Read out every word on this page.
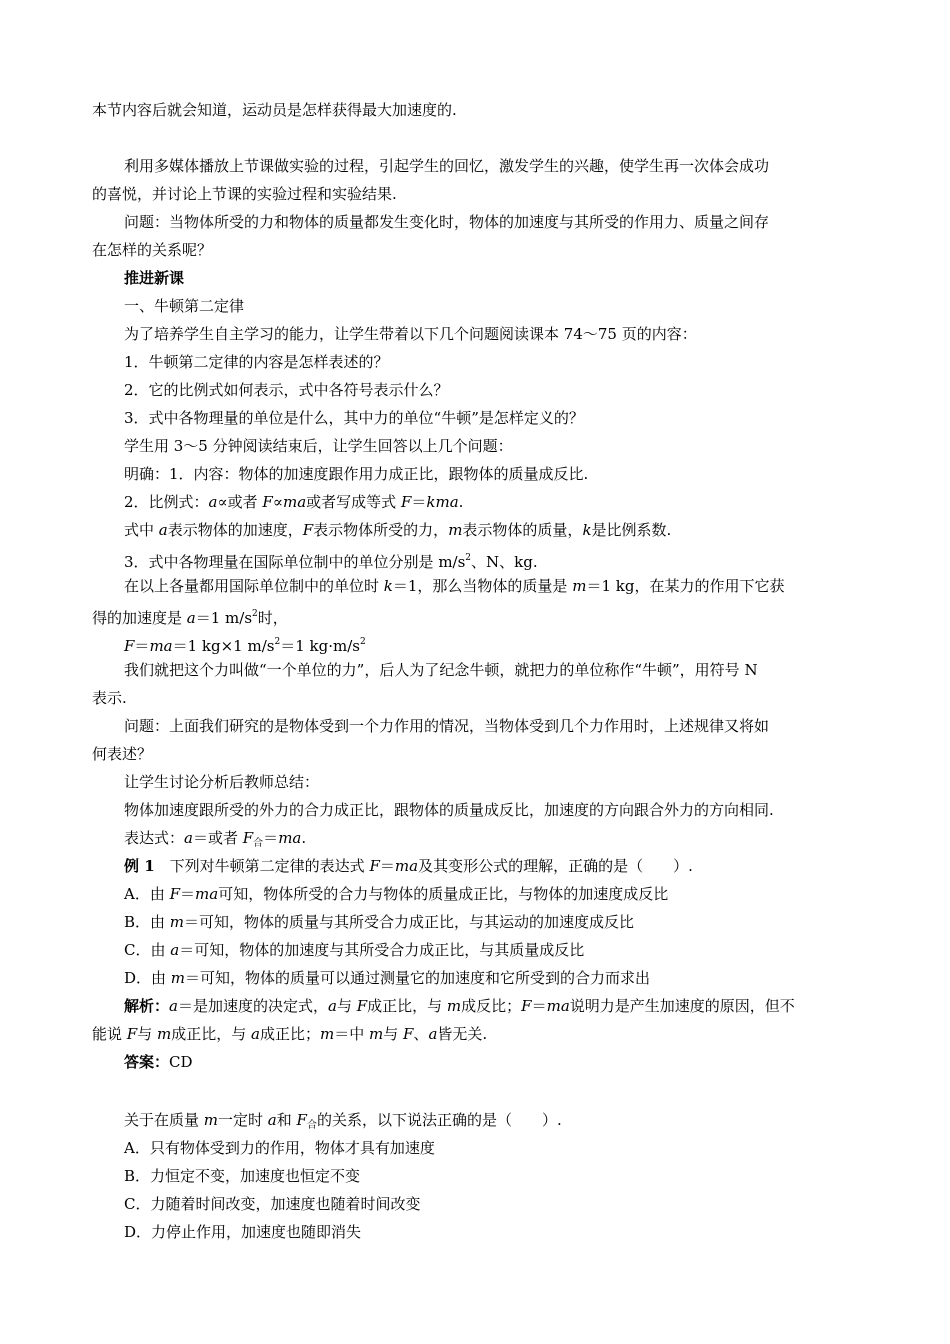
本节内容后就会知道，运动员是怎样获得最大加速度的.
利用多媒体播放上节课做实验的过程，引起学生的回忆，激发学生的兴趣，使学生再一次体会成功
的喜悦，并讨论上节课的实验过程和实验结果.
问题：当物体所受的力和物体的质量都发生变化时，物体的加速度与其所受的作用力、质量之间存
在怎样的关系呢？
推进新课
一、牛顿第二定律
为了培养学生自主学习的能力，让学生带着以下几个问题阅读课本 74～75 页的内容：
1．牛顿第二定律的内容是怎样表述的？
2．它的比例式如何表示，式中各符号表示什么？
3．式中各物理量的单位是什么，其中力的单位“牛顿”是怎样定义的？
学生用 3～5 分钟阅读结束后，让学生回答以上几个问题：
明确：1．内容：物体的加速度跟作用力成正比，跟物体的质量成反比.
2．比例式：a∝或者 F∝ma或者写成等式 F＝kma.
式中 a表示物体的加速度，F表示物体所受的力，m表示物体的质量，k是比例系数.
3．式中各物理量在国际单位制中的单位分别是 $m/s^2$、N、kg.
在以上各量都用国际单位制中的单位时 k＝1，那么当物体的质量是 m＝1 kg，在某力的作用下它获
得的加速度是 a＝1 $m/s^2$时，
F＝ma＝1 kg×1 $m/s^2=1$ $kg\cdot m/s^2$
我们就把这个力叫做“一个单位的力”，后人为了纪念牛顿，就把力的单位称作“牛顿”，用符号 N
表示.
问题：上面我们研究的是物体受到一个力作用的情况，当物体受到几个力作用时，上述规律又将如
何表述？
让学生讨论分析后教师总结：
物体加速度跟所受的外力的合力成正比，跟物体的质量成反比，加速度的方向跟合外力的方向相同.
表达式：a＝或者 $F_合=ma$.
例 1　下列对牛顿第二定律的表达式 F＝ma及其变形公式的理解，正确的是（　　）.
A．由 F＝ma可知，物体所受的合力与物体的质量成正比，与物体的加速度成反比
B．由 m＝可知，物体的质量与其所受合力成正比，与其运动的加速度成反比
C．由 a＝可知，物体的加速度与其所受合力成正比，与其质量成反比
D．由 m＝可知，物体的质量可以通过测量它的加速度和它所受到的合力而求出
解析：a＝是加速度的决定式，a与 F成正比，与 m成反比；F＝ma说明力是产生加速度的原因，但不
能说 F与 m成正比，与 a成正比；m＝中 m与 F、a皆无关.
答案：CD
关于在质量 m一定时 a和 $F_合$的关系，以下说法正确的是（　　）.
A．只有物体受到力的作用，物体才具有加速度
B．力恒定不变，加速度也恒定不变
C．力随着时间改变，加速度也随着时间改变
D．力停止作用，加速度也随即消失
